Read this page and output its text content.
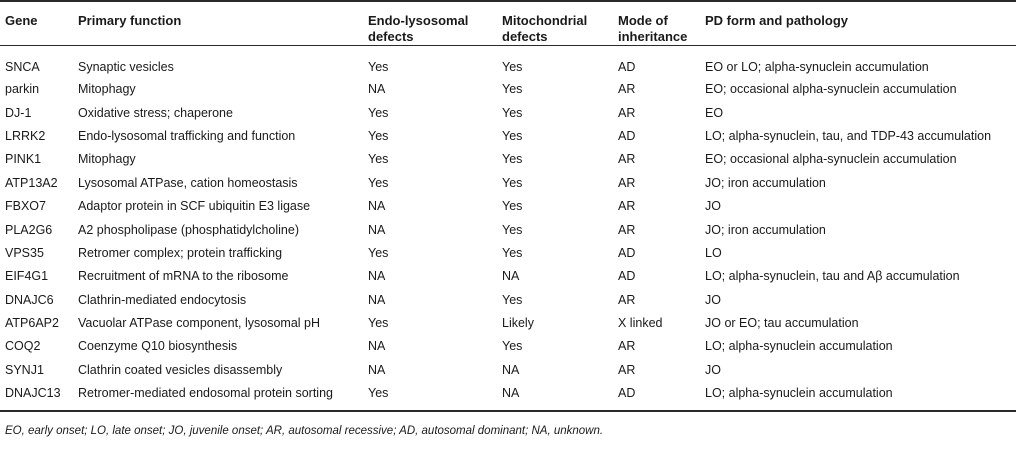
Gene	Primary function	Endo-lysosomal defects	Mitochondrial defects	Mode of inheritance	PD form and pathology
SNCA	Synaptic vesicles	Yes	Yes	AD	EO or LO; alpha-synuclein accumulation
parkin	Mitophagy	NA	Yes	AR	EO; occasional alpha-synuclein accumulation
DJ-1	Oxidative stress; chaperone	Yes	Yes	AR	EO
LRRK2	Endo-lysosomal trafficking and function	Yes	Yes	AD	LO; alpha-synuclein, tau, and TDP-43 accumulation
PINK1	Mitophagy	Yes	Yes	AR	EO; occasional alpha-synuclein accumulation
ATP13A2	Lysosomal ATPase, cation homeostasis	Yes	Yes	AR	JO; iron accumulation
FBXO7	Adaptor protein in SCF ubiquitin E3 ligase	NA	Yes	AR	JO
PLA2G6	A2 phospholipase (phosphatidylcholine)	NA	Yes	AR	JO; iron accumulation
VPS35	Retromer complex; protein trafficking	Yes	Yes	AD	LO
EIF4G1	Recruitment of mRNA to the ribosome	NA	NA	AD	LO; alpha-synuclein, tau and Aβ accumulation
DNAJC6	Clathrin-mediated endocytosis	NA	Yes	AR	JO
ATP6AP2	Vacuolar ATPase component, lysosomal pH	Yes	Likely	X linked	JO or EO; tau accumulation
COQ2	Coenzyme Q10 biosynthesis	NA	Yes	AR	LO; alpha-synuclein accumulation
SYNJ1	Clathrin coated vesicles disassembly	NA	NA	AR	JO
DNAJC13	Retromer-mediated endosomal protein sorting	Yes	NA	AD	LO; alpha-synuclein accumulation
EO, early onset; LO, late onset; JO, juvenile onset; AR, autosomal recessive; AD, autosomal dominant; NA, unknown.
